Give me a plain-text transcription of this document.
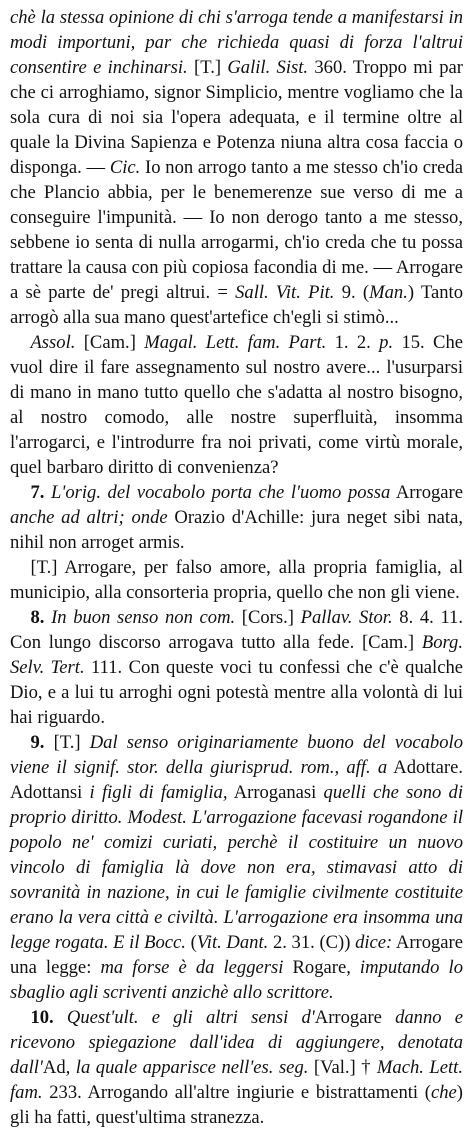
chè la stessa opinione di chi s'arroga tende a manifestarsi in modi importuni, par che richieda quasi di forza l'altrui consentire e inchinarsi. [T.] Galil. Sist. 360. Troppo mi par che ci arroghiamo, signor Simplicio, mentre vogliamo che la sola cura di noi sia l'opera adequata, e il termine oltre al quale la Divina Sapienza e Potenza niuna altra cosa faccia o disponga. — Cic. Io non arrogo tanto a me stesso ch'io creda che Plancio abbia, per le benemerenze sue verso di me a conseguire l'impunità. — Io non derogo tanto a me stesso, sebbene io senta di nulla arrogarmi, ch'io creda che tu possa trattare la causa con più copiosa facondia di me. — Arrogare a sè parte de' pregi altrui. = Sall. Vit. Pit. 9. (Man.) Tanto arrogò alla sua mano quest'artefice ch'egli si stimò...

Assol. [Cam.] Magal. Lett. fam. Part. 1. 2. p. 15. Che vuol dire il fare assegnamento sul nostro avere... l'usurparsi di mano in mano tutto quello che s'adatta al nostro bisogno, al nostro comodo, alle nostre superfluità, insomma l'arrogarci, e l'introdurre fra noi privati, come virtù morale, quel barbaro diritto di convenienza?

7. L'orig. del vocabolo porta che l'uomo possa Arrogare anche ad altri; onde Orazio d'Achille: jura neget sibi nata, nihil non arroget armis.

[T.] Arrogare, per falso amore, alla propria famiglia, al municipio, alla consorteria propria, quello che non gli viene.

8. In buon senso non com. [Cors.] Pallav. Stor. 8. 4. 11. Con lungo discorso arrogava tutto alla fede. [Cam.] Borg. Selv. Tert. 111. Con queste voci tu confessi che c'è qualche Dio, e a lui tu arroghi ogni potestà mentre alla volontà di lui hai riguardo.

9. [T.] Dal senso originariamente buono del vocabolo viene il signif. stor. della giurisprud. rom., aff. a Adottare. Adottansi i figli di famiglia, Arroganasi quelli che sono di proprio diritto. Modest. L'arrogazione facevasi rogandone il popolo ne' comizi curiati, perchè il costituire un nuovo vincolo di famiglia là dove non era, stimavasi atto di sovranità in nazione, in cui le famiglie civilmente costituite erano la vera città e civiltà. L'arrogazione era insomma una legge rogata. E il Bocc. (Vit. Dant. 2. 31. (C)) dice: Arrogare una legge: ma forse è da leggersi Rogare, imputando lo sbaglio agli scriventi anzichè allo scrittore.

10. Quest'ult. e gli altri sensi d'Arrogare danno e ricevono spiegazione dall'idea di aggiungere, denotata dall'Ad, la quale apparisce nell'es. seg. [Val.] † Mach. Lett. fam. 233. Arrogando all'altre ingiurie e bistrattamenti (che) gli ha fatti, quest'ultima stranezza.
